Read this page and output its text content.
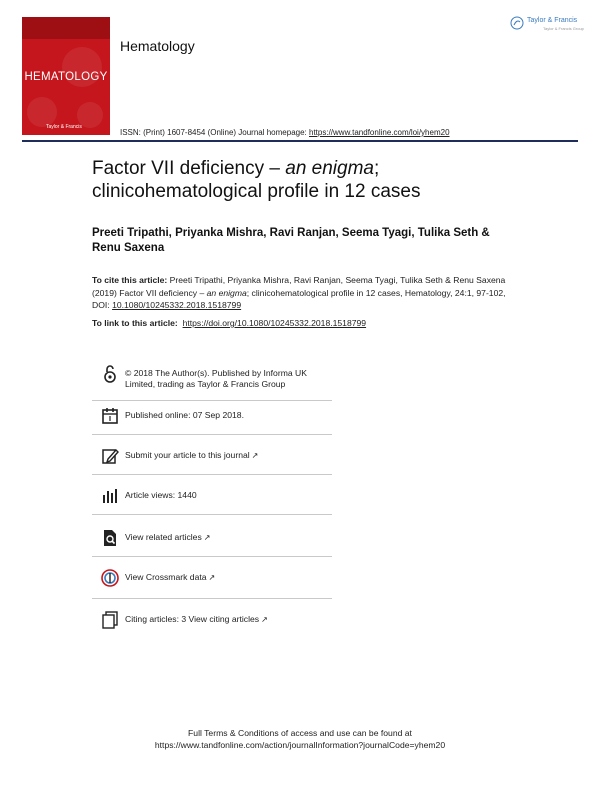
HEMATOLOGY
Taylor & Francis
Hematology
Taylor & Francis
Taylor & Francis Group
ISSN: (Print) 1607-8454 (Online) Journal homepage: https://www.tandfonline.com/loi/yhem20
Factor VII deficiency – an enigma;
clinicohematological profile in 12 cases
Preeti Tripathi, Priyanka Mishra, Ravi Ranjan, Seema Tyagi, Tulika Seth & Renu Saxena
To cite this article: Preeti Tripathi, Priyanka Mishra, Ravi Ranjan, Seema Tyagi, Tulika Seth & Renu Saxena (2019) Factor VII deficiency – an enigma; clinicohematological profile in 12 cases, Hematology, 24:1, 97-102, DOI: 10.1080/10245332.2018.1518799
To link to this article: https://doi.org/10.1080/10245332.2018.1518799
© 2018 The Author(s). Published by Informa UK Limited, trading as Taylor & Francis Group
Published online: 07 Sep 2018.
Submit your article to this journal ↗
Article views: 1440
View related articles ↗
View Crossmark data ↗
Citing articles: 3 View citing articles ↗
Full Terms & Conditions of access and use can be found at
https://www.tandfonline.com/action/journalInformation?journalCode=yhem20
